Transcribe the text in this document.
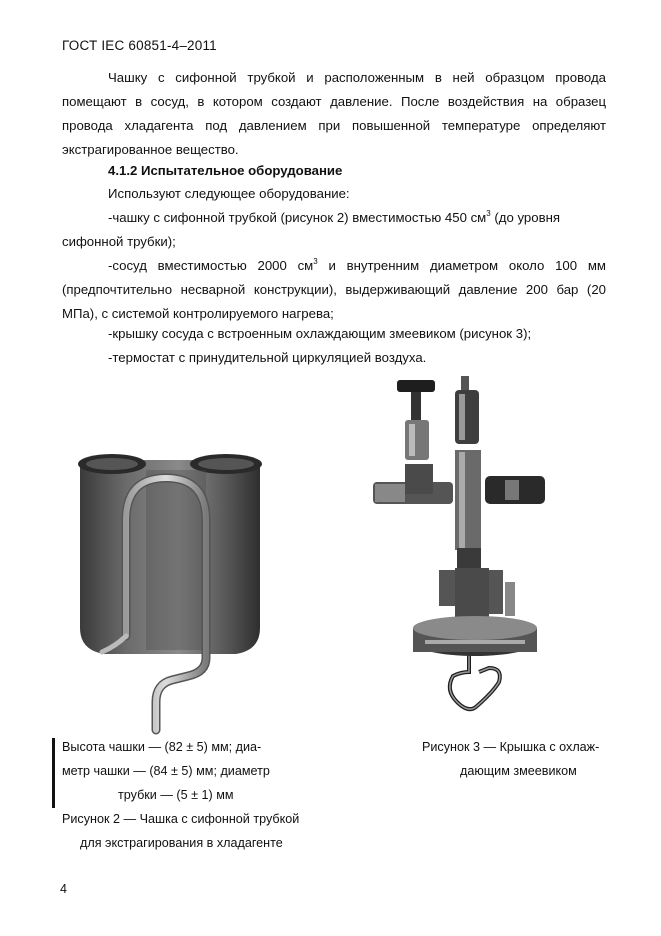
ГОСТ IEC 60851-4–2011
Чашку с сифонной трубкой и расположенным в ней образцом провода
помещают в сосуд, в котором создают давление. После воздействия на образец
провода хладагента под давлением при повышенной температуре определяют
экстрагированное вещество.
4.1.2 Испытательное оборудование
Используют следующее оборудование:
-чашку с сифонной трубкой (рисунок 2) вместимостью 450 $см^3$ (до уровня
сифонной трубки);
-сосуд вместимостью 2000 $см^3$ и внутренним диаметром около 100 мм
(предпочтительно несварной конструкции), выдерживающий давление 200 бар (20
МПа), с системой контролируемого нагрева;
-крышку сосуда с встроенным охлаждающим змеевиком (рисунок 3);
-термостат с принудительной циркуляцией воздуха.
Высота чашки — (82 ± 5) мм; диа-
метр чашки — (84 ± 5) мм; диаметр
трубки — (5 ± 1) мм
Рисунок 2 — Чашка с сифонной трубкой
для экстрагирования в хладагенте
Рисунок 3 — Крышка с охлаж-
дающим змеевиком
4
